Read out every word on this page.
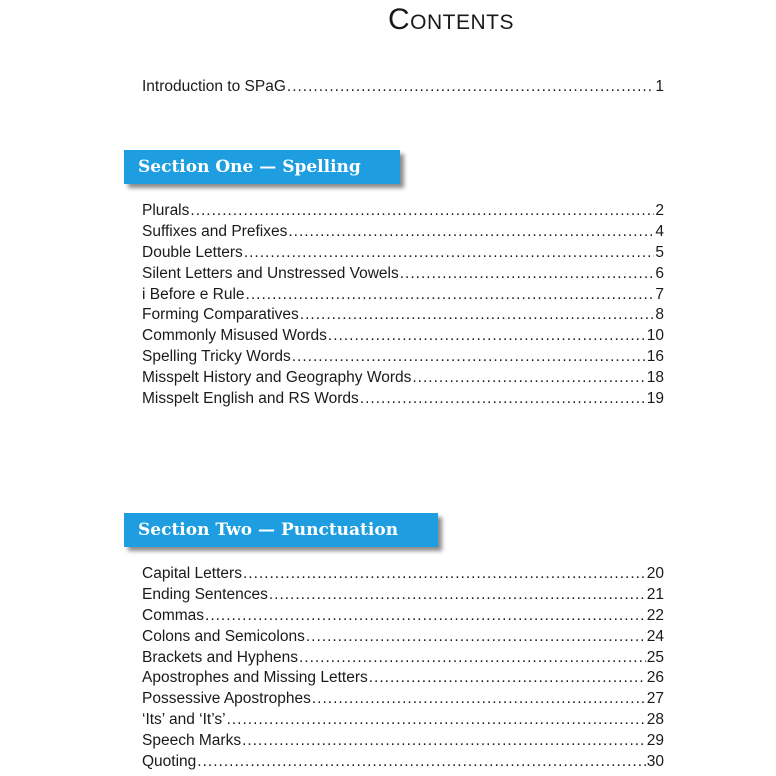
Contents
Introduction to SPaG .....	1
Section One — Spelling
Plurals .....	2
Suffixes and Prefixes .....	4
Double Letters .....	5
Silent Letters and Unstressed Vowels .....	6
i Before e Rule .....	7
Forming Comparatives .....	8
Commonly Misused Words .....	10
Spelling Tricky Words .....	16
Misspelt History and Geography Words .....	18
Misspelt English and RS Words .....	19
Section Two — Punctuation
Capital Letters .....	20
Ending Sentences .....	21
Commas .....	22
Colons and Semicolons .....	24
Brackets and Hyphens .....	25
Apostrophes and Missing Letters .....	26
Possessive Apostrophes .....	27
‘Its’ and ‘It’s’ .....	28
Speech Marks .....	29
Quoting .....	30
